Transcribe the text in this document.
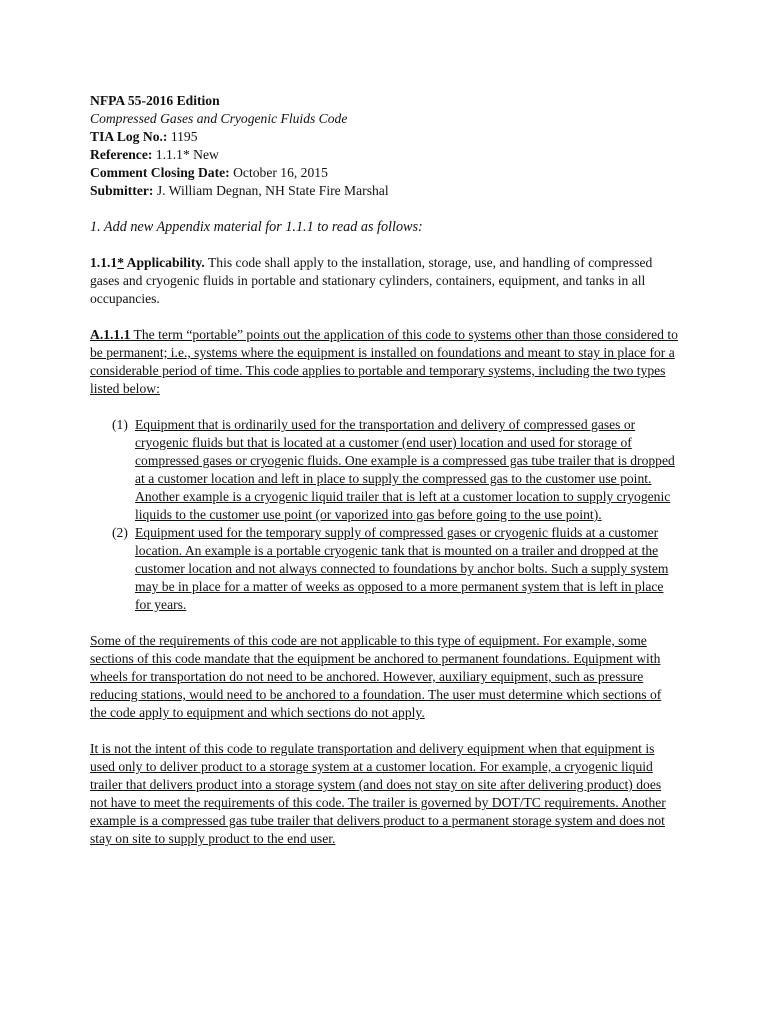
NFPA 55-2016 Edition

Compressed Gases and Cryogenic Fluids Code

TIA Log No.: 1195

Reference: 1.1.1* New

Comment Closing Date: October 16, 2015

Submitter: J. William Degnan, NH State Fire Marshal

1. Add new Appendix material for 1.1.1 to read as follows:

1.1.1* Applicability. This code shall apply to the installation, storage, use, and handling of compressed gases and cryogenic fluids in portable and stationary cylinders, containers, equipment, and tanks in all occupancies.

A.1.1.1 The term “portable” points out the application of this code to systems other than those considered to be permanent; i.e., systems where the equipment is installed on foundations and meant to stay in place for a considerable period of time. This code applies to portable and temporary systems, including the two types listed below:

(1) Equipment that is ordinarily used for the transportation and delivery of compressed gases or cryogenic fluids but that is located at a customer (end user) location and used for storage of compressed gases or cryogenic fluids. One example is a compressed gas tube trailer that is dropped at a customer location and left in place to supply the compressed gas to the customer use point. Another example is a cryogenic liquid trailer that is left at a customer location to supply cryogenic liquids to the customer use point (or vaporized into gas before going to the use point).
(2) Equipment used for the temporary supply of compressed gases or cryogenic fluids at a customer location. An example is a portable cryogenic tank that is mounted on a trailer and dropped at the customer location and not always connected to foundations by anchor bolts. Such a supply system may be in place for a matter of weeks as opposed to a more permanent system that is left in place for years.

Some of the requirements of this code are not applicable to this type of equipment. For example, some sections of this code mandate that the equipment be anchored to permanent foundations. Equipment with wheels for transportation do not need to be anchored. However, auxiliary equipment, such as pressure reducing stations, would need to be anchored to a foundation. The user must determine which sections of the code apply to equipment and which sections do not apply.

It is not the intent of this code to regulate transportation and delivery equipment when that equipment is used only to deliver product to a storage system at a customer location. For example, a cryogenic liquid trailer that delivers product into a storage system (and does not stay on site after delivering product) does not have to meet the requirements of this code. The trailer is governed by DOT/TC requirements. Another example is a compressed gas tube trailer that delivers product to a permanent storage system and does not stay on site to supply product to the end user.
